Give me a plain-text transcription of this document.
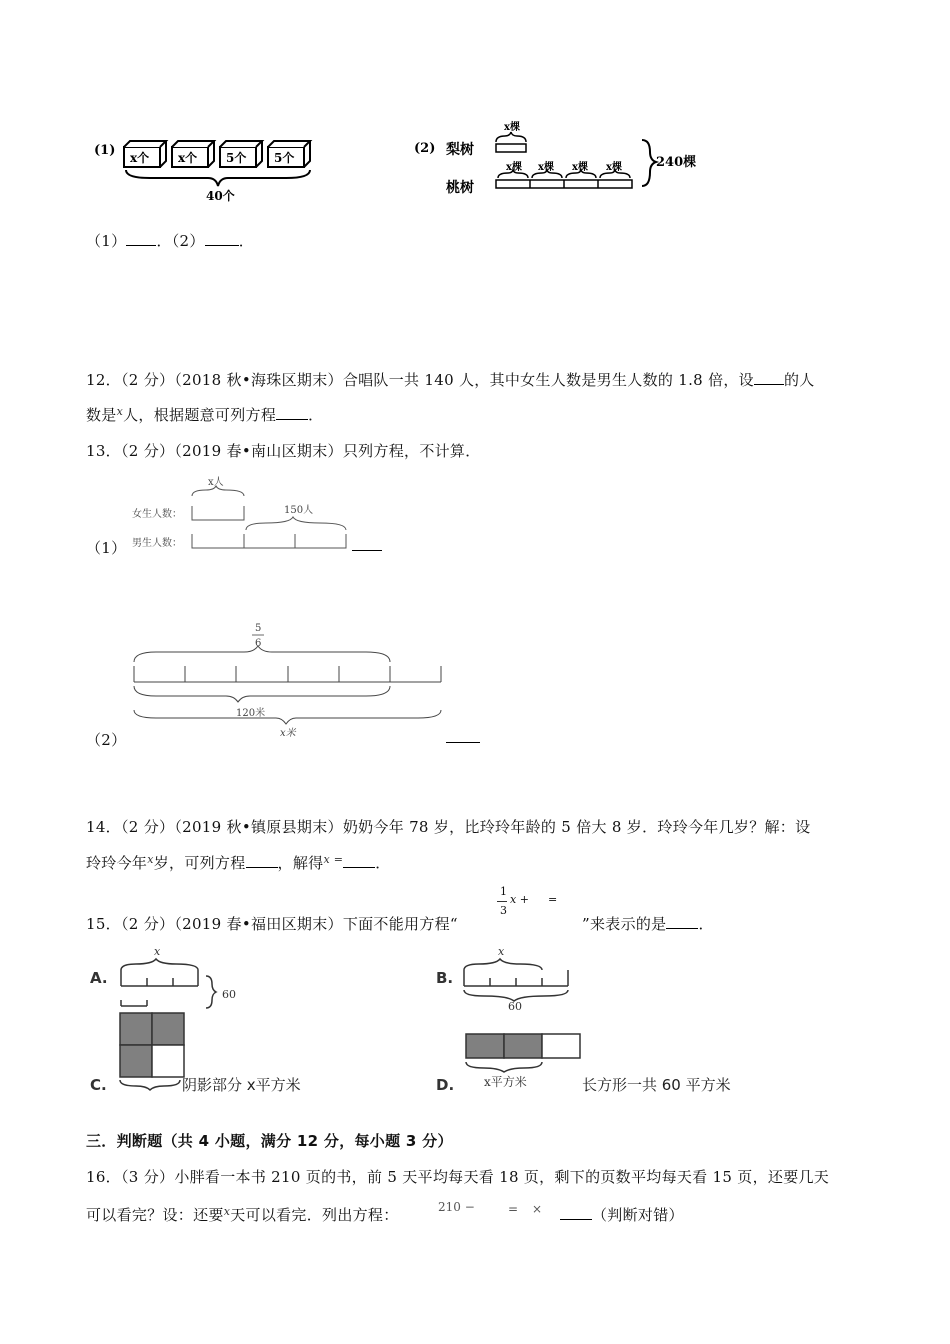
(1) x个 x个 5个 5个
40个
(2) 梨树
桃树
x棵
x棵 x棵 x棵 x棵	240棵
（1） ．（2） ．
12．（2 分）（2018 秋•海珠区期末）合唱队一共 140 人，其中女生人数是男生人数的 1.8 倍，设 的人
数是$^x$人，根据题意可列方程 ．
13．（2 分）（2019 春•南山区期末）只列方程，不计算．
（1）
女生人数：
男生人数：
x人
150人
（2）
5
6
120米
x米
14．（2 分）（2019 秋•镇原县期末）奶奶今年 78 岁，比玲玲年龄的 5 倍大 8 岁．玲玲今年几岁？解：设
玲玲今年$^x$岁，可列方程 ，解得$^{x =}$ ．
15．（2 分）（2019 春•福田区期末）下面不能用方程“
1
3
x + =
”来表示的是 ．
A.
x
60
B.
x
60
C.	阴影部分 x平方米	D. x平方米	长方形一共 60 平方米
三．判断题（共 4 小题，满分 12 分，每小题 3 分）
16．（3 分）小胖看一本书 210 页的书，前 5 天平均每天看 18 页，剩下的页数平均每天看 15 页，还要几天
可以看完？设：还要$^x$天可以看完．列出方程：	210 −	= ×	（判断对错）
